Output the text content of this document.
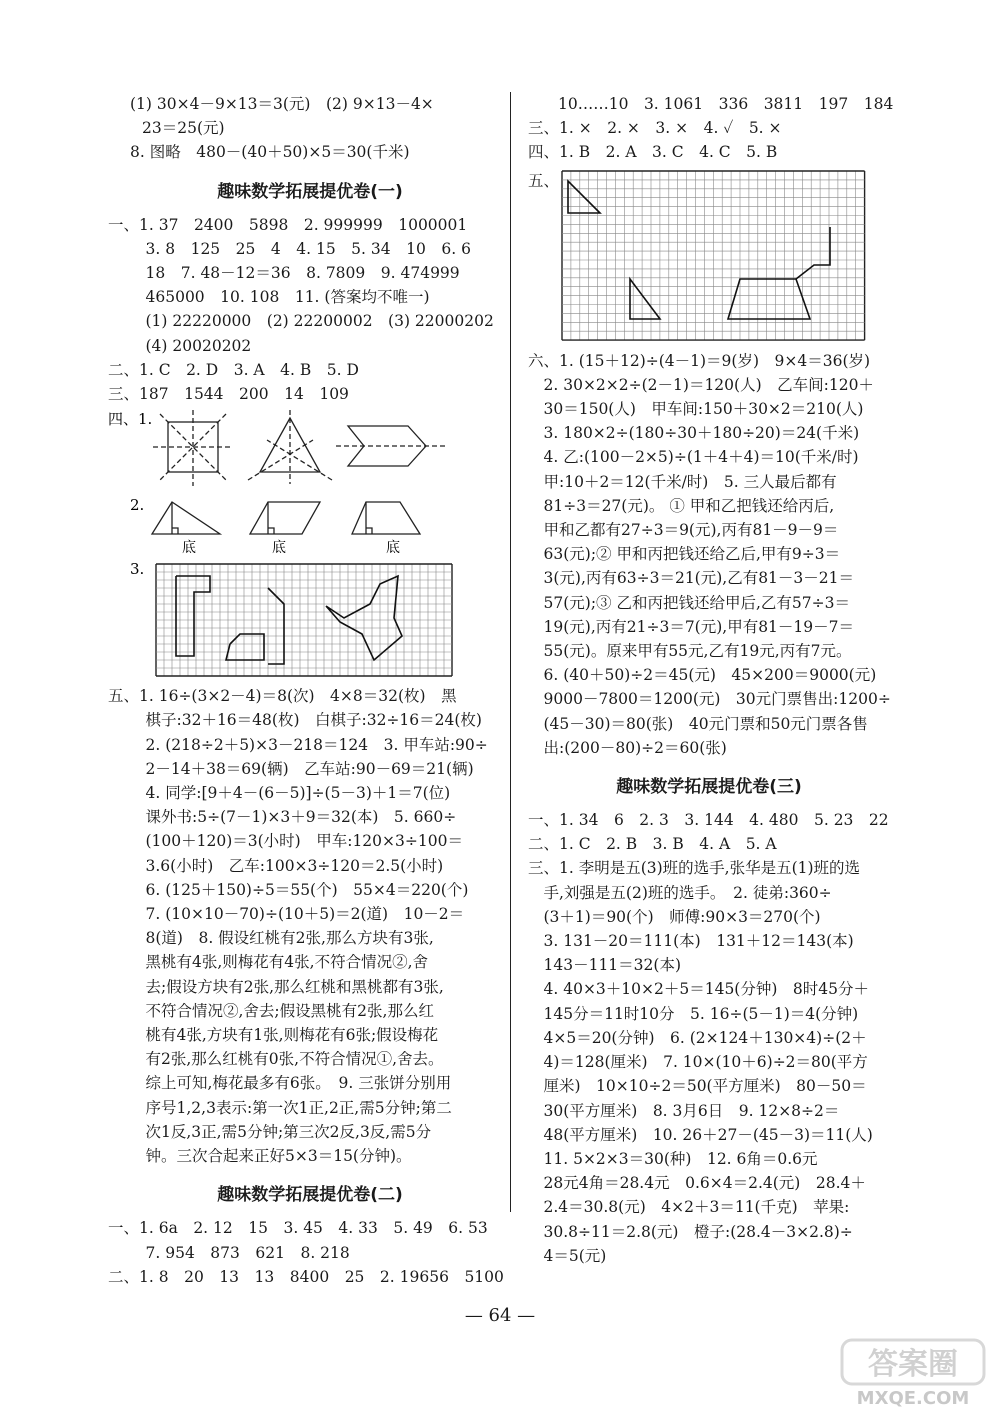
(1) 30×4－9×13＝3(元)　(2) 9×13－4×
23＝25(元)
8. 图略　480－(40＋50)×5＝30(千米)
趣味数学拓展提优卷(一)
一、1. 37　2400　5898　2. 999999　1000001
　3. 8　125　25　4　4. 15　5. 34　10　6. 6
　18　7. 48－12＝36　8. 7809　9. 474999
　465000　10. 108　11. (答案均不唯一)
　(1) 22220000　(2) 22200002　(3) 22000202
　(4) 20020202
二、1. C　2. D　3. A　4. B　5. D
三、187　1544　200　14　109
四、1.
2.
底	底	底
3.
五、1. 16÷(3×2－4)＝8(次)　4×8＝32(枚)　黑
　棋子:32＋16＝48(枚)　白棋子:32÷16＝24(枚)
　2. (218÷2＋5)×3－218＝124　3. 甲车站:90÷
　2－14＋38＝69(辆)　乙车站:90－69＝21(辆)
　4. 同学:[9＋4－(6－5)]÷(5－3)＋1＝7(位)
　课外书:5÷(7－1)×3＋9＝32(本)　5. 660÷
　(100＋120)＝3(小时)　甲车:120×3÷100＝
　3.6(小时)　乙车:100×3÷120＝2.5(小时)
　6. (125＋150)÷5＝55(个)　55×4＝220(个)
　7. (10×10－70)÷(10＋5)＝2(道)　10－2＝
　8(道)　8. 假设红桃有2张,那么方块有3张,
　黑桃有4张,则梅花有4张,不符合情况②,舍
　去;假设方块有2张,那么红桃和黑桃都有3张,
　不符合情况②,舍去;假设黑桃有2张,那么红
　桃有4张,方块有1张,则梅花有6张;假设梅花
　有2张,那么红桃有0张,不符合情况①,舍去。
　综上可知,梅花最多有6张。　9. 三张饼分别用
　序号1,2,3表示:第一次1正,2正,需5分钟;第二
　次1反,3正,需5分钟;第三次2反,3反,需5分
　钟。三次合起来正好5×3＝15(分钟)。
趣味数学拓展提优卷(二)
一、1. 6a　2. 12　15　3. 45　4. 33　5. 49　6. 53
　7. 954　873　621　8. 218
二、1. 8　20　13　13　8400　25　2. 19656　5100
10……10　3. 1061　336　3811　197　184
三、1. ×　2. ×　3. ×　4. ✓　5. ×
四、1. B　2. A　3. C　4. C　5. B
五、
六、1. (15＋12)÷(4－1)＝9(岁)　9×4＝36(岁)
　2. 30×2×2÷(2－1)＝120(人)　乙车间:120＋
　30＝150(人)　甲车间:150＋30×2＝210(人)
　3. 180×2÷(180÷30＋180÷20)＝24(千米)
　4. 乙:(100－2×5)÷(1＋4＋4)＝10(千米/时)
　甲:10＋2＝12(千米/时)　5. 三人最后都有
　81÷3＝27(元)。 ① 甲和乙把钱还给丙后,
　甲和乙都有27÷3＝9(元),丙有81－9－9＝
　63(元);② 甲和丙把钱还给乙后,甲有9÷3＝
　3(元),丙有63÷3＝21(元),乙有81－3－21＝
　57(元);③ 乙和丙把钱还给甲后,乙有57÷3＝
　19(元),丙有21÷3＝7(元),甲有81－19－7＝
　55(元)。原来甲有55元,乙有19元,丙有7元。
　6. (40＋50)÷2＝45(元)　45×200＝9000(元)
　9000－7800＝1200(元)　30元门票售出:1200÷
　(45－30)＝80(张)　40元门票和50元门票各售
　出:(200－80)÷2＝60(张)
趣味数学拓展提优卷(三)
一、1. 34　6　2. 3　3. 144　4. 480　5. 23　22
二、1. C　2. B　3. B　4. A　5. A
三、1. 李明是五(3)班的选手,张华是五(1)班的选
　手,刘强是五(2)班的选手。　2. 徒弟:360÷
　(3＋1)＝90(个)　师傅:90×3＝270(个)
　3. 131－20＝111(本)　131＋12＝143(本)
　143－111＝32(本)
　4. 40×3＋10×2＋5＝145(分钟)　8时45分＋
　145分＝11时10分　5. 16÷(5－1)＝4(分钟)
　4×5＝20(分钟)　6. (2×124＋130×4)÷(2＋
　4)＝128(厘米)　7. 10×(10＋6)÷2＝80(平方
　厘米)　10×10÷2＝50(平方厘米)　80－50＝
　30(平方厘米)　8. 3月6日　9. 12×8÷2＝
　48(平方厘米)　10. 26＋27－(45－3)＝11(人)
　11. 5×2×3＝30(种)　12. 6角＝0.6元
　28元4角＝28.4元　0.6×4＝2.4(元)　28.4＋
　2.4＝30.8(元)　4×2＋3＝11(千克)　苹果:
　30.8÷11＝2.8(元)　橙子:(28.4－3×2.8)÷
　4＝5(元)
— 64 —
答案圈
MXQE.COM
